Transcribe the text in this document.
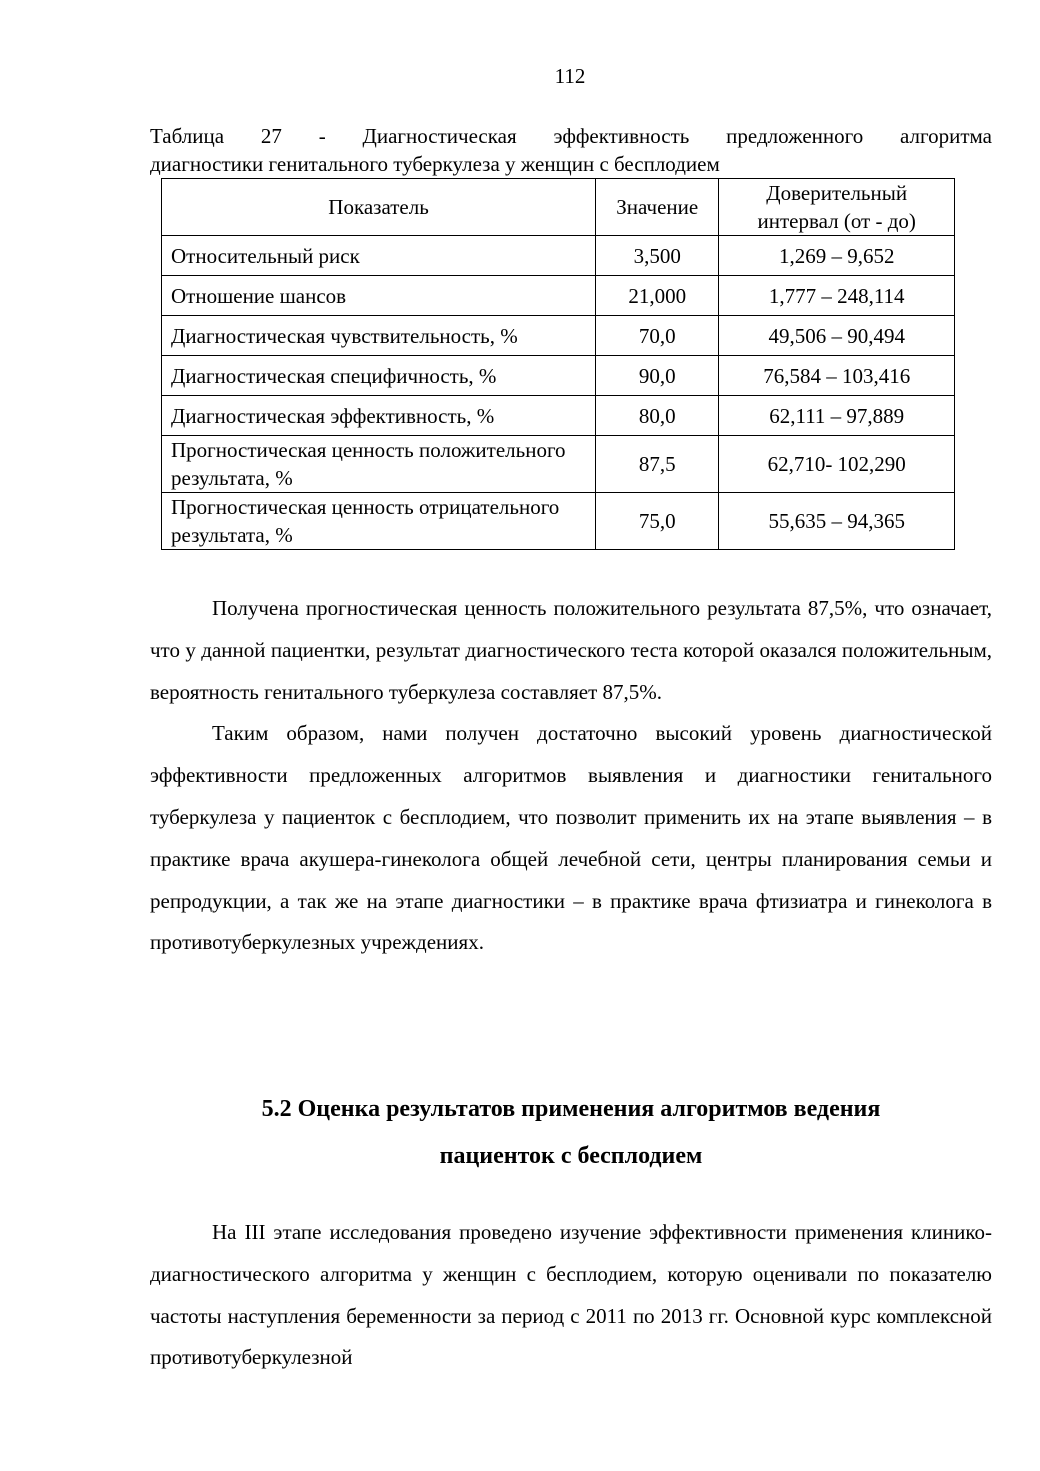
112
Таблица 27 - Диагностическая эффективность предложенного алгоритма
диагностики генитального туберкулеза у женщин с бесплодием
Показатель	Значение	Доверительный интервал (от - до)
Относительный риск	3,500	1,269 – 9,652
Отношение шансов	21,000	1,777 – 248,114
Диагностическая чувствительность, %	70,0	49,506 – 90,494
Диагностическая специфичность, %	90,0	76,584 – 103,416
Диагностическая эффективность, %	80,0	62,111 – 97,889
Прогностическая ценность положительного результата, %	87,5	62,710- 102,290
Прогностическая ценность отрицательного результата, %	75,0	55,635 – 94,365

Получена прогностическая ценность положительного результата 87,5%, что означает, что у данной пациентки, результат диагностического теста которой оказался положительным, вероятность генитального туберкулеза составляет 87,5%.

Таким образом, нами получен достаточно высокий уровень диагностической эффективности предложенных алгоритмов выявления и диагностики генитального туберкулеза у пациенток с бесплодием, что позволит применить их на этапе выявления – в практике врача акушера-гинеколога общей лечебной сети, центры планирования семьи и репродукции, а так же на этапе диагностики – в практике врача фтизиатра и гинеколога в противотуберкулезных учреждениях.

5.2 Оценка результатов применения алгоритмов ведения
пациенток с бесплодием

На III этапе исследования проведено изучение эффективности применения клинико-диагностического алгоритма у женщин с бесплодием, которую оценивали по показателю частоты наступления беременности за период с 2011 по 2013 гг. Основной курс комплексной противотуберкулезной
